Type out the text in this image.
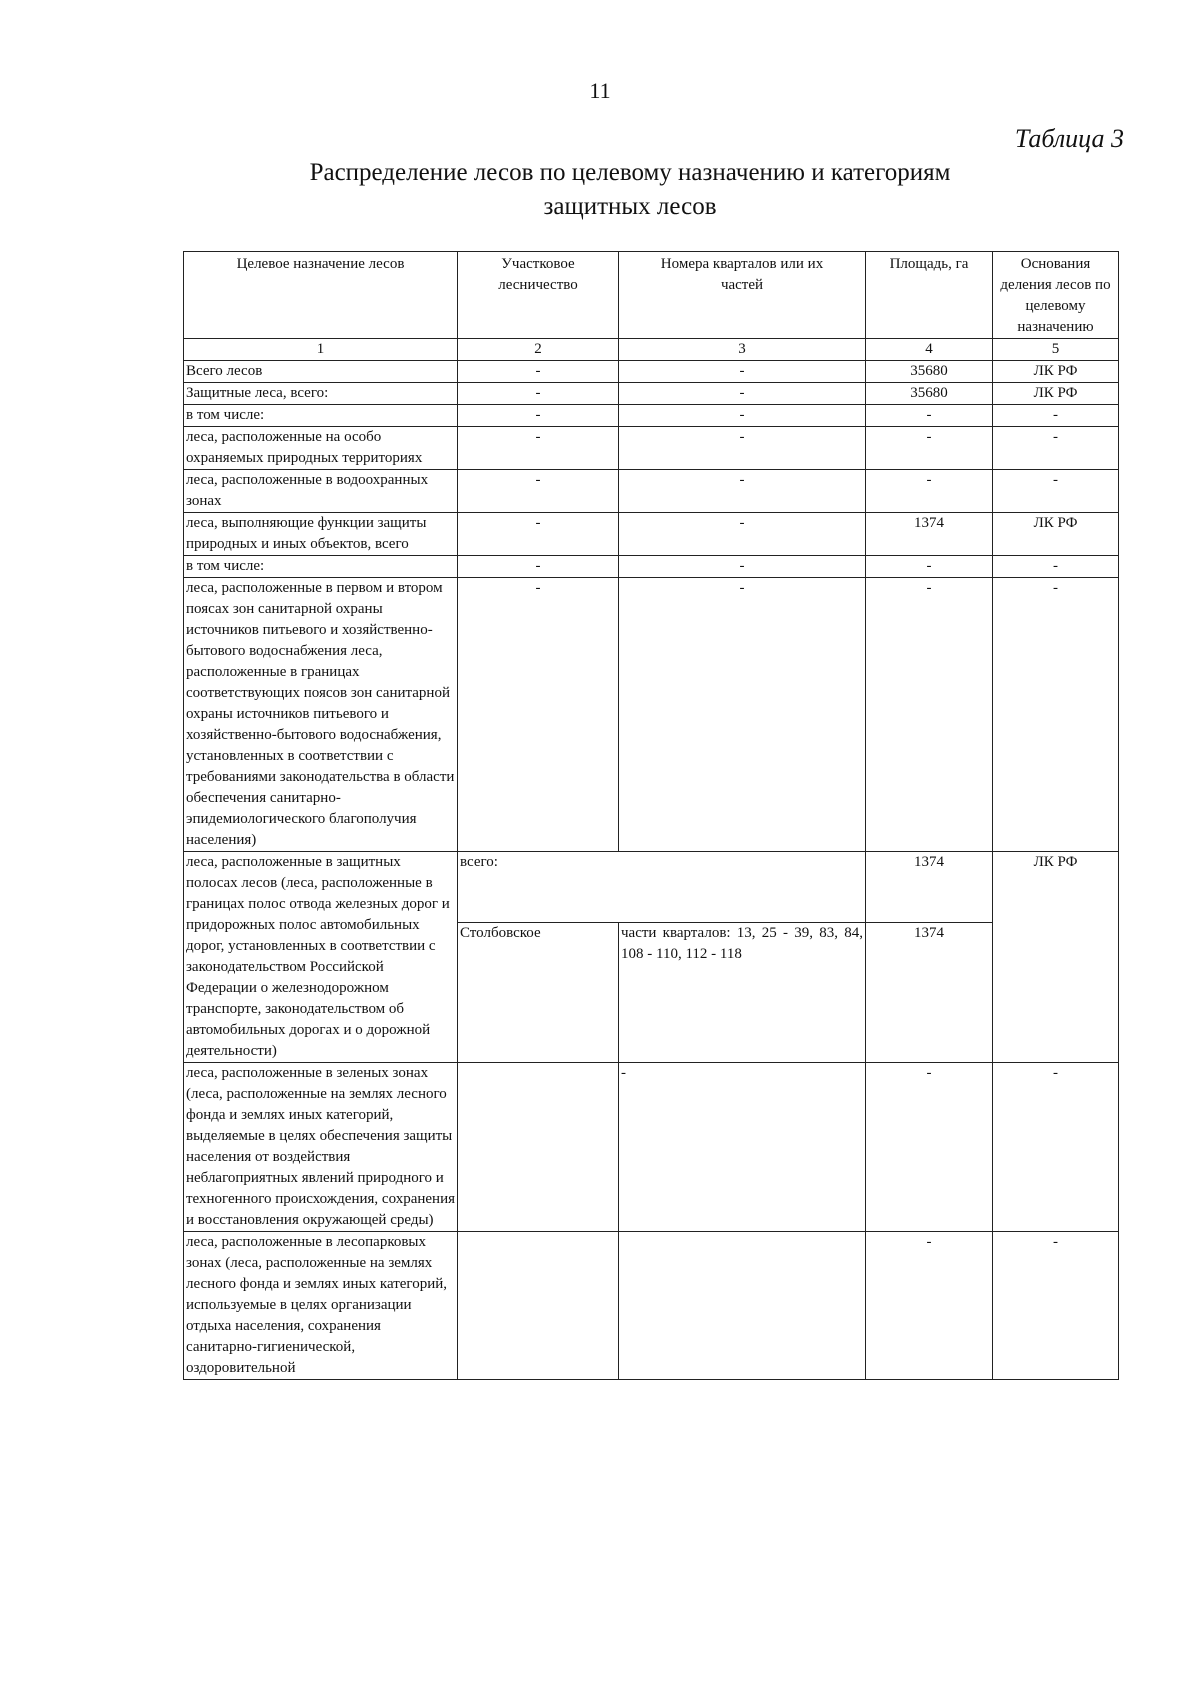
11
Таблица 3
Распределение лесов по целевому назначению и категориям
защитных лесов
Целевое назначение лесов	Участковое лесничество	Номера кварталов или их частей	Площадь, га	Основания деления лесов по целевому назначению
1	2	3	4	5
Всего лесов	-	-	35680	ЛК РФ
Защитные леса, всего:	-	-	35680	ЛК РФ
в том числе:	-	-	-	-
леса, расположенные на особо охраняемых природных территориях	-	-	-	-
леса, расположенные в водоохранных зонах	-	-	-	-
леса, выполняющие функции защиты природных и иных объектов, всего	-	-	1374	ЛК РФ
в том числе:	-	-	-	-
леса, расположенные в первом и втором поясах зон санитарной охраны источников питьевого и хозяйственно-бытового водоснабжения леса, расположенные в границах соответствующих поясов зон санитарной охраны источников питьевого и хозяйственно-бытового водоснабжения, установленных в соответствии с требованиями законодательства в области обеспечения санитарно-эпидемиологического благополучия населения)	-	-	-	-
леса, расположенные в защитных полосах лесов (леса, расположенные в границах полос отвода железных дорог и придорожных полос автомобильных дорог, установленных в соответствии с законодательством Российской Федерации о железнодорожном транспорте, законодательством об автомобильных дорогах и о дорожной деятельности)	всего:		1374	ЛК РФ
	Столбовское	части кварталов: 13, 25 - 39, 83, 84, 108 - 110, 112 - 118	1374	
леса, расположенные в зеленых зонах (леса, расположенные на землях лесного фонда и землях иных категорий, выделяемые в целях обеспечения защиты населения от воздействия неблагоприятных явлений природного и техногенного происхождения, сохранения и восстановления окружающей среды)		-	-	-
леса, расположенные в лесопарковых зонах (леса, расположенные на землях лесного фонда и землях иных категорий, используемые в целях организации отдыха населения, сохранения санитарно-гигиенической, оздоровительной			-	-
